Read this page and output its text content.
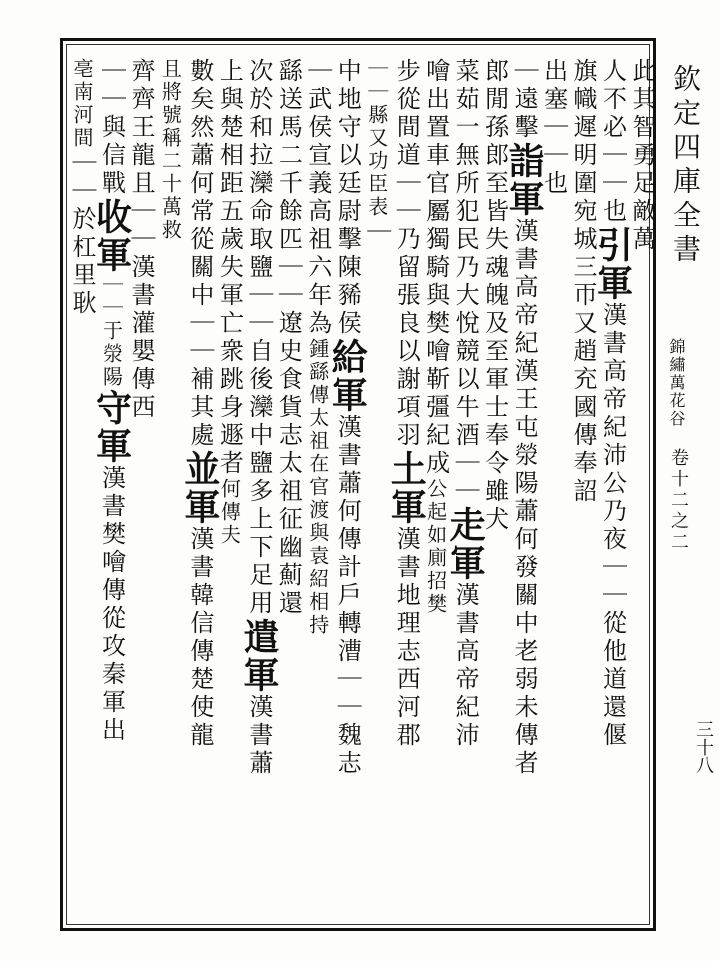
欽定四庫全書
錦繡萬花谷
卷十二之二
三十八
此其智勇足敵萬
人不必｜｜也引軍漢書高帝紀沛公乃夜｜｜從他道還偃
旗幟遲明圍宛城三帀又趙充國傳奉詔
出塞｜｜也
｜遠擊詣軍漢書高帝紀漢王屯滎陽蕭何發關中老弱未傳者
郎閒孫郎至皆失魂魄及至軍士奉令雖犬
菜茹一無所犯民乃大悅競以牛酒｜｜走軍漢書高帝紀沛
噲出置車官屬獨騎與樊噲靳彊紀成公起如廁招樊
步從間道｜｜乃留張良以謝項羽土軍漢書地理志西河郡
｜｜縣又功臣表｜
中地守以廷尉擊陳豨侯給軍漢書蕭何傳計戶轉漕｜｜魏志
｜武侯宣義高祖六年為鍾繇傳太祖在官渡與袁紹相持
繇送馬二千餘匹｜｜遼史食貨志太祖征幽薊還
次於和拉灤命取鹽｜｜自後灤中鹽多上下足用遣軍漢書蕭
上與楚相距五歲失軍亡衆跳身遯者何傳夫
數矣然蕭何常從關中｜｜補其處並軍漢書韓信傳楚使龍
且將號稱二十萬救
齊齊王龍且｜｜漢書灌嬰傳西
｜｜與信戰收軍｜｜于滎陽守軍漢書樊噲傳從攻秦軍出
亳南河間｜｜於杠里耿
